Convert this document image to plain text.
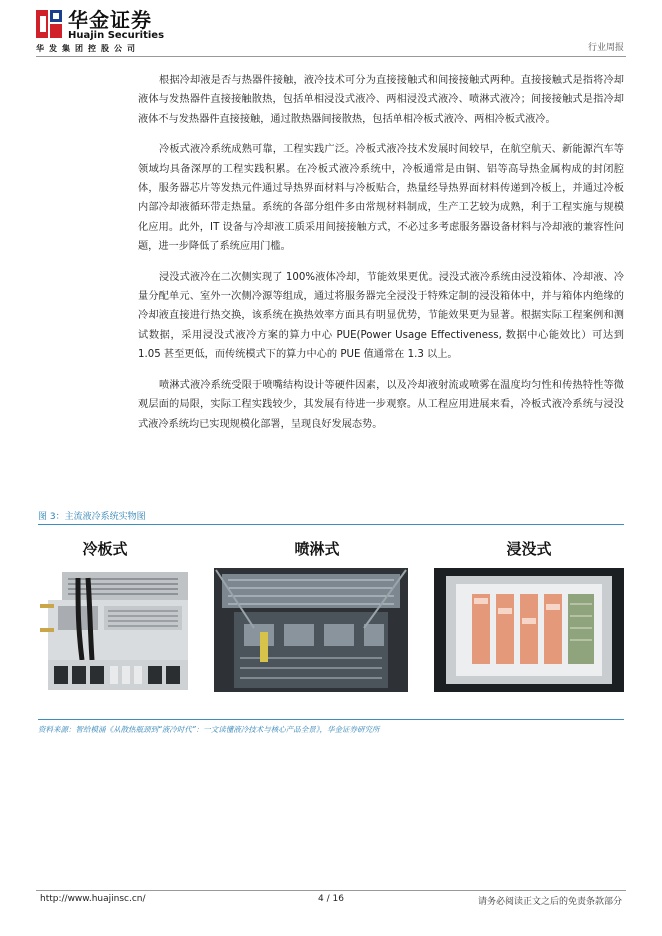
华金证券
Huajin Securities
华发集团控股公司	行业周报

根据冷却液是否与热器件接触，液冷技术可分为直接接触式和间接接触式两种。直接接触式是指将冷却液体与发热器件直接接触散热，包括单相浸没式液冷、两相浸没式液冷、喷淋式液冷；间接接触式是指冷却液体不与发热器件直接接触，通过散热器间接散热，包括单相冷板式液冷、两相冷板式液冷。

冷板式液冷系统成熟可靠，工程实践广泛。冷板式液冷技术发展时间较早，在航空航天、新能源汽车等领域均具备深厚的工程实践积累。在冷板式液冷系统中，冷板通常是由铜、铝等高导热金属构成的封闭腔体，服务器芯片等发热元件通过导热界面材料与冷板贴合，热量经导热界面材料传递到冷板上，并通过冷板内部冷却液循环带走热量。系统的各部分组件多由常规材料制成，生产工艺较为成熟，利于工程实施与规模化应用。此外，IT 设备与冷却液工质采用间接接触方式，不必过多考虑服务器设备材料与冷却液的兼容性问题，进一步降低了系统应用门槛。

浸没式液冷在二次侧实现了 100%液体冷却，节能效果更优。浸没式液冷系统由浸没箱体、冷却液、冷量分配单元、室外一次侧冷源等组成，通过将服务器完全浸没于特殊定制的浸没箱体中，并与箱体内绝缘的冷却液直接进行热交换，该系统在换热效率方面具有明显优势，节能效果更为显著。根据实际工程案例和测试数据，采用浸没式液冷方案的算力中心 PUE(Power Usage Effectiveness, 数据中心能效比）可达到 1.05 甚至更低，而传统模式下的算力中心的 PUE 值通常在 1.3 以上。

喷淋式液冷系统受限于喷嘴结构设计等硬件因素，以及冷却液射流或喷雾在温度均匀性和传热特性等微观层面的局限，实际工程实践较少，其发展有待进一步观察。从工程应用进展来看，冷板式液冷系统与浸没式液冷系统均已实现规模化部署，呈现良好发展态势。

图 3：主流液冷系统实物图
冷板式	喷淋式	浸没式
资料来源：智给模涌《从散热瓶颈到“液冷时代”：一文读懂液冷技术与核心产品全景》，华金证券研究所
http://www.huajinsc.cn/	4 / 16	请务必阅读正文之后的免责条款部分
